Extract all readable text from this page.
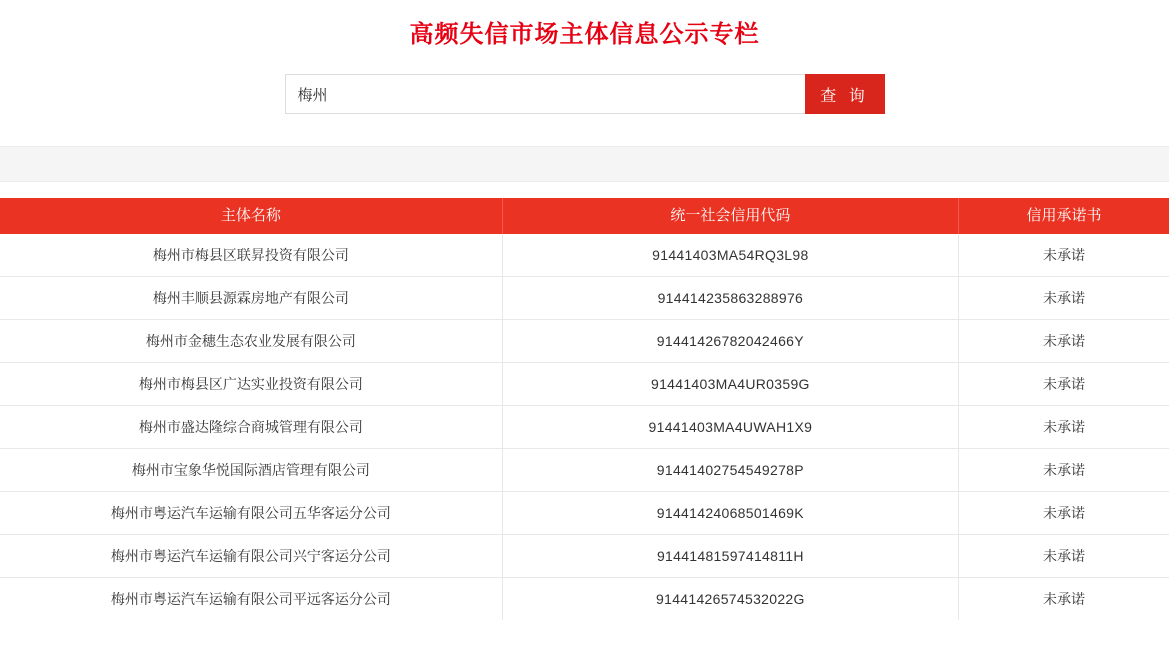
高频失信市场主体信息公示专栏
梅州
查 询
主体名称	统一社会信用代码	信用承诺书
梅州市梅县区联昇投资有限公司	91441403MA54RQ3L98	未承诺
梅州丰顺县源霖房地产有限公司	914414235863288976	未承诺
梅州市金穗生态农业发展有限公司	91441426782042466Y	未承诺
梅州市梅县区广达实业投资有限公司	91441403MA4UR0359G	未承诺
梅州市盛达隆综合商城管理有限公司	91441403MA4UWAH1X9	未承诺
梅州市宝象华悦国际酒店管理有限公司	91441402754549278P	未承诺
梅州市粤运汽车运输有限公司五华客运分公司	91441424068501469K	未承诺
梅州市粤运汽车运输有限公司兴宁客运分公司	91441481597414811H	未承诺
梅州市粤运汽车运输有限公司平远客运分公司	91441426574532022G	未承诺
